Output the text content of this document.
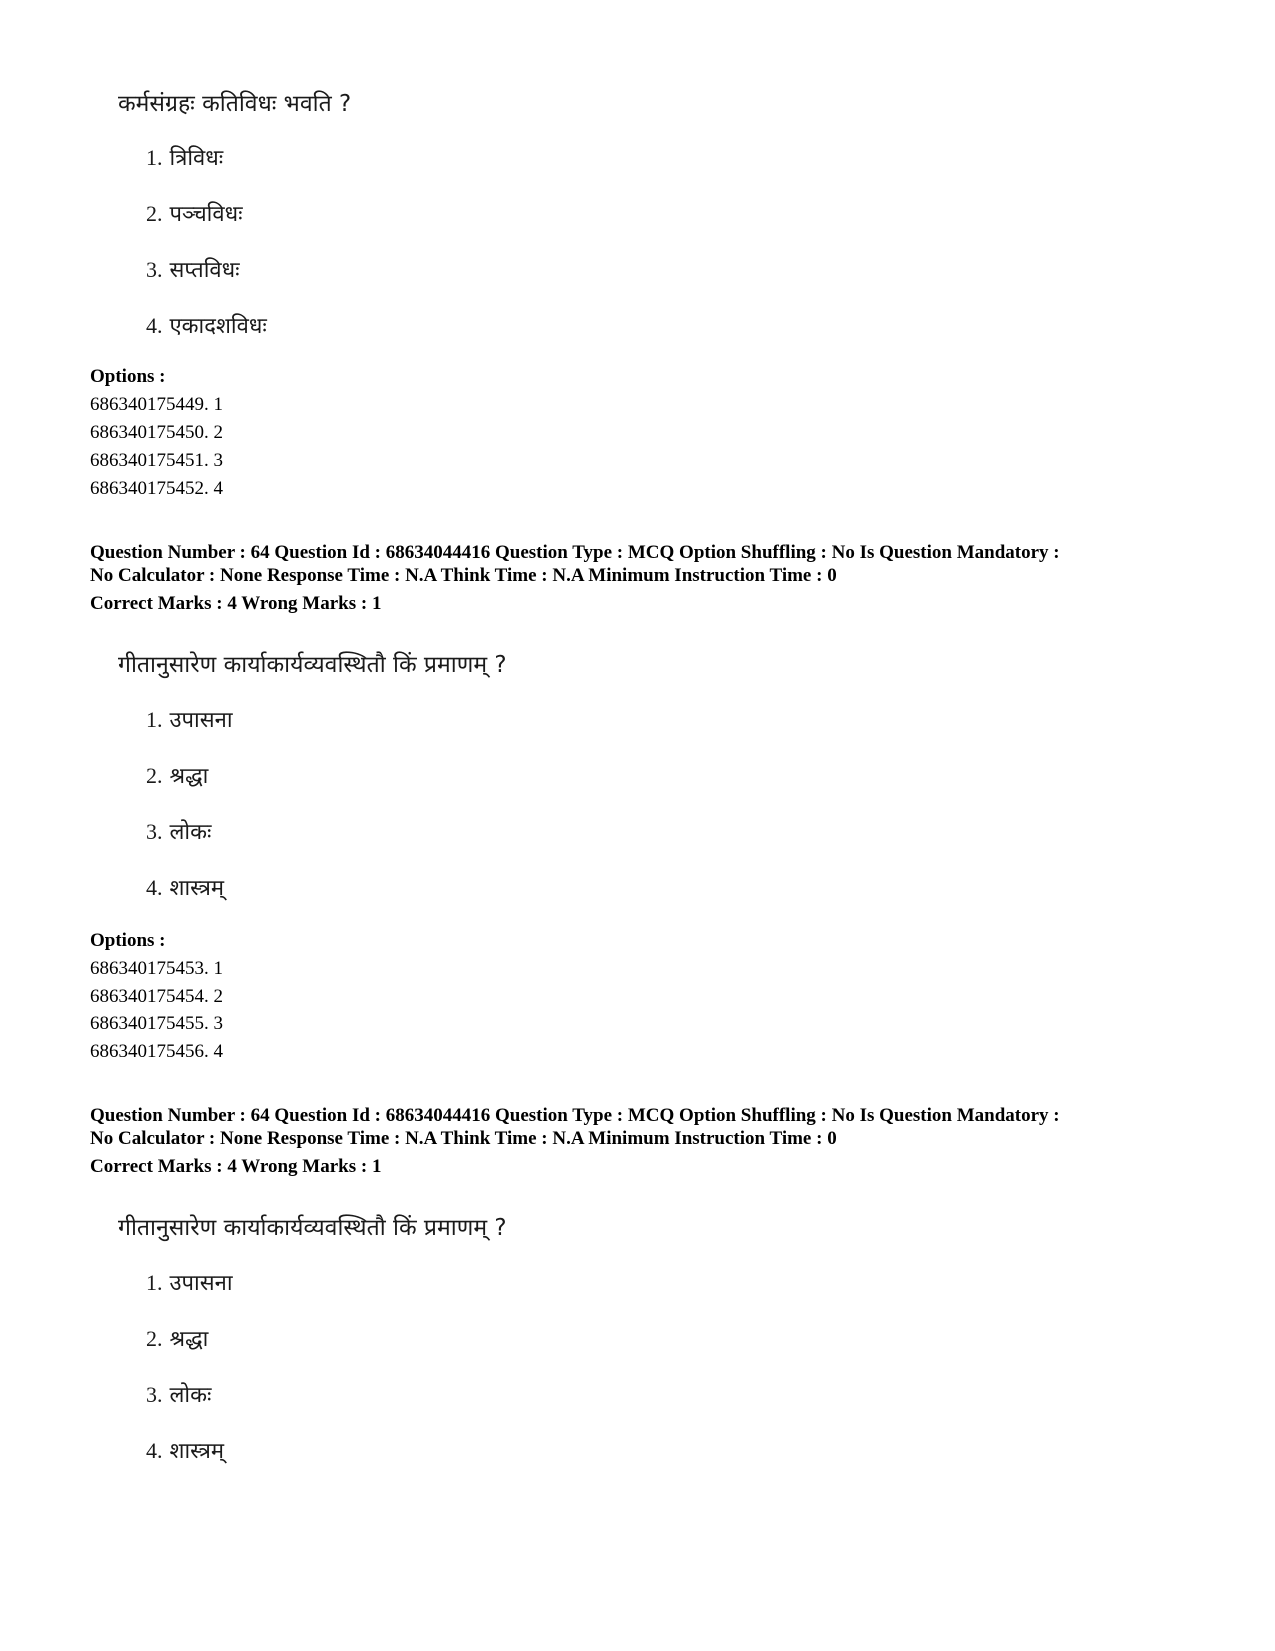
कर्मसंग्रहः कतिविधः भवति ?
1. त्रिविधः
2. पञ्चविधः
3. सप्तविधः
4. एकादशविधः
Options :
686340175449. 1
686340175450. 2
686340175451. 3
686340175452. 4
Question Number : 64 Question Id : 68634044416 Question Type : MCQ Option Shuffling : No Is Question Mandatory :
No Calculator : None Response Time : N.A Think Time : N.A Minimum Instruction Time : 0
Correct Marks : 4 Wrong Marks : 1
गीतानुसारेण कार्याकार्यव्यवस्थितौ किं प्रमाणम् ?
1. उपासना
2. श्रद्धा
3. लोकः
4. शास्त्रम्
Options :
686340175453. 1
686340175454. 2
686340175455. 3
686340175456. 4
Question Number : 64 Question Id : 68634044416 Question Type : MCQ Option Shuffling : No Is Question Mandatory :
No Calculator : None Response Time : N.A Think Time : N.A Minimum Instruction Time : 0
Correct Marks : 4 Wrong Marks : 1
गीतानुसारेण कार्याकार्यव्यवस्थितौ किं प्रमाणम् ?
1. उपासना
2. श्रद्धा
3. लोकः
4. शास्त्रम्
